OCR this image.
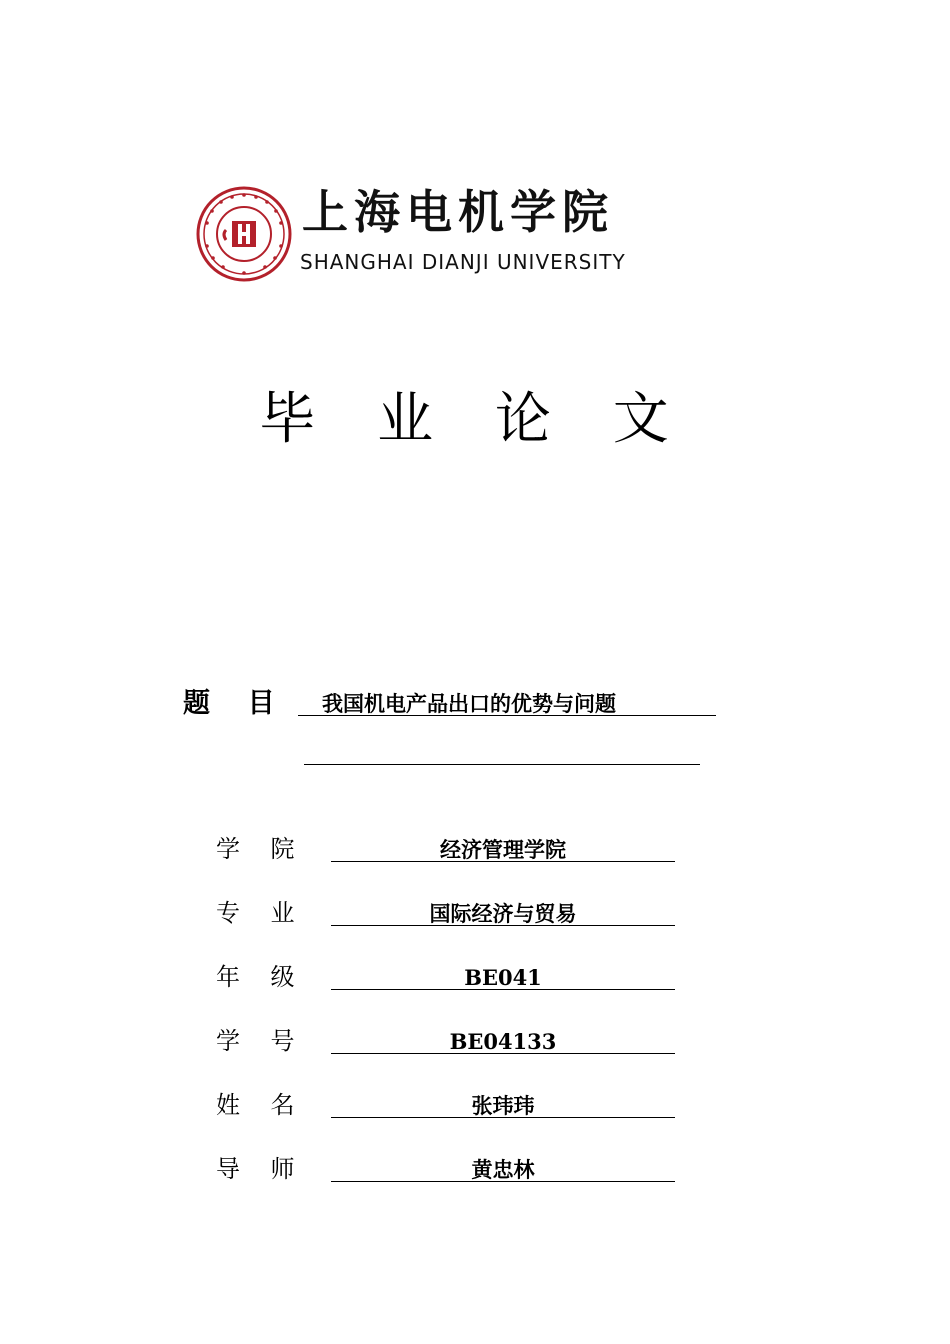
上海电机学院
SHANGHAI DIANJI UNIVERSITY
毕 业 论 文
题    目 我国机电产品出口的优势与问题
学    院	经济管理学院
专    业	国际经济与贸易
年    级	BE041
学    号	BE04133
姓    名	张玮玮
导    师	黄忠林
